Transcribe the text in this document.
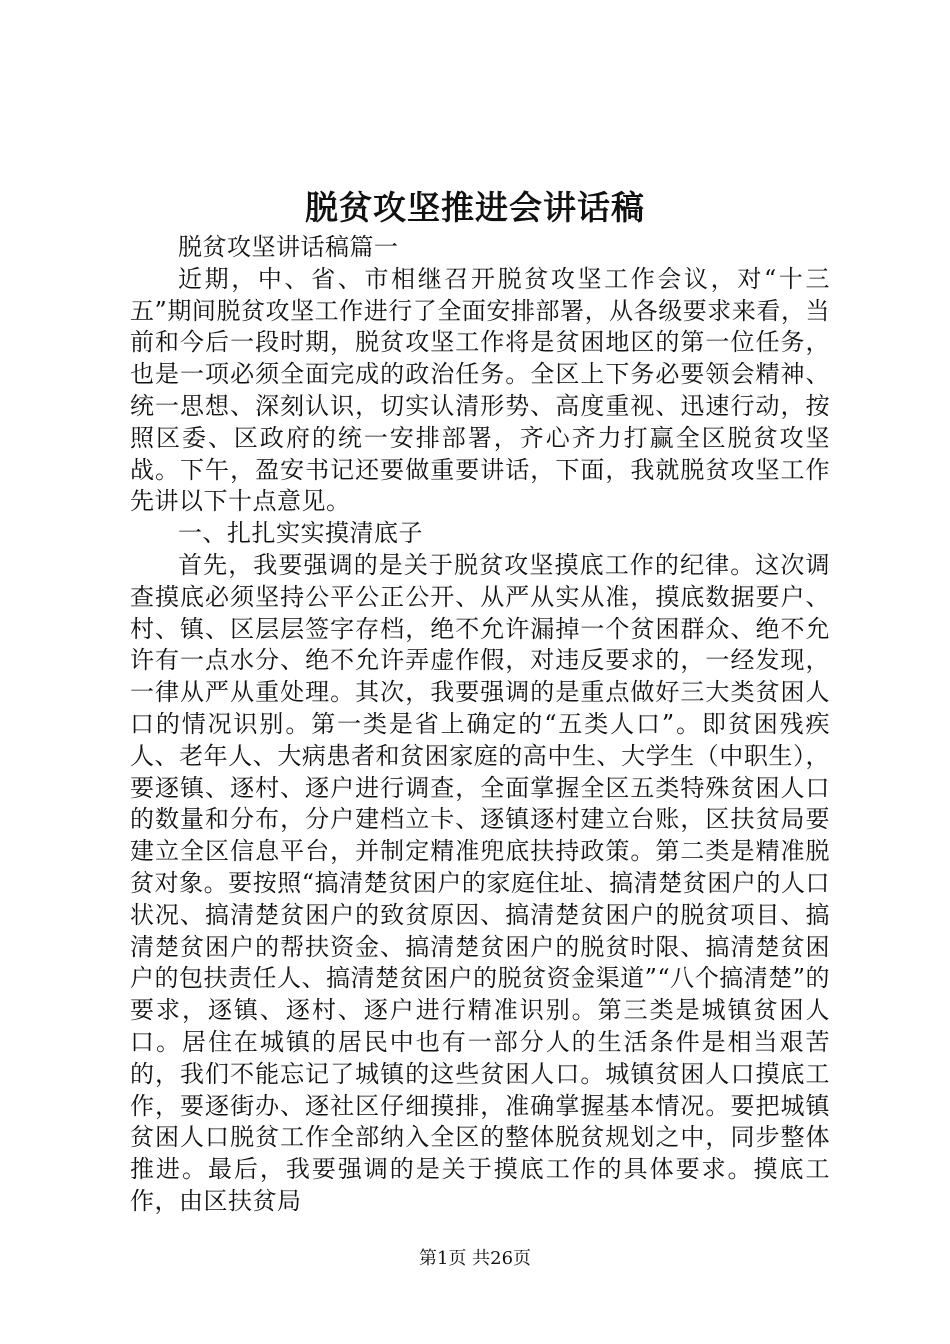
脱贫攻坚推进会讲话稿

脱贫攻坚讲话稿篇一

近期，中、省、市相继召开脱贫攻坚工作会议，对“十三五”期间脱贫攻坚工作进行了全面安排部署，从各级要求来看，当前和今后一段时期，脱贫攻坚工作将是贫困地区的第一位任务，也是一项必须全面完成的政治任务。全区上下务必要领会精神、统一思想、深刻认识，切实认清形势、高度重视、迅速行动，按照区委、区政府的统一安排部署，齐心齐力打赢全区脱贫攻坚战。下午，盈安书记还要做重要讲话，下面，我就脱贫攻坚工作先讲以下十点意见。

一、扎扎实实摸清底子

首先，我要强调的是关于脱贫攻坚摸底工作的纪律。这次调查摸底必须坚持公平公正公开、从严从实从准，摸底数据要户、村、镇、区层层签字存档，绝不允许漏掉一个贫困群众、绝不允许有一点水分、绝不允许弄虚作假，对违反要求的，一经发现，一律从严从重处理。其次，我要强调的是重点做好三大类贫困人口的情况识别。第一类是省上确定的“五类人口”。即贫困残疾人、老年人、大病患者和贫困家庭的高中生、大学生（中职生），要逐镇、逐村、逐户进行调查，全面掌握全区五类特殊贫困人口的数量和分布，分户建档立卡、逐镇逐村建立台账，区扶贫局要建立全区信息平台，并制定精准兜底扶持政策。第二类是精准脱贫对象。要按照“搞清楚贫困户的家庭住址、搞清楚贫困户的人口状况、搞清楚贫困户的致贫原因、搞清楚贫困户的脱贫项目、搞清楚贫困户的帮扶资金、搞清楚贫困户的脱贫时限、搞清楚贫困户的包扶责任人、搞清楚贫困户的脱贫资金渠道”“八个搞清楚”的要求，逐镇、逐村、逐户进行精准识别。第三类是城镇贫困人口。居住在城镇的居民中也有一部分人的生活条件是相当艰苦的，我们不能忘记了城镇的这些贫困人口。城镇贫困人口摸底工作，要逐街办、逐社区仔细摸排，准确掌握基本情况。要把城镇贫困人口脱贫工作全部纳入全区的整体脱贫规划之中，同步整体推进。最后，我要强调的是关于摸底工作的具体要求。摸底工作，由区扶贫局

第1页 共26页
